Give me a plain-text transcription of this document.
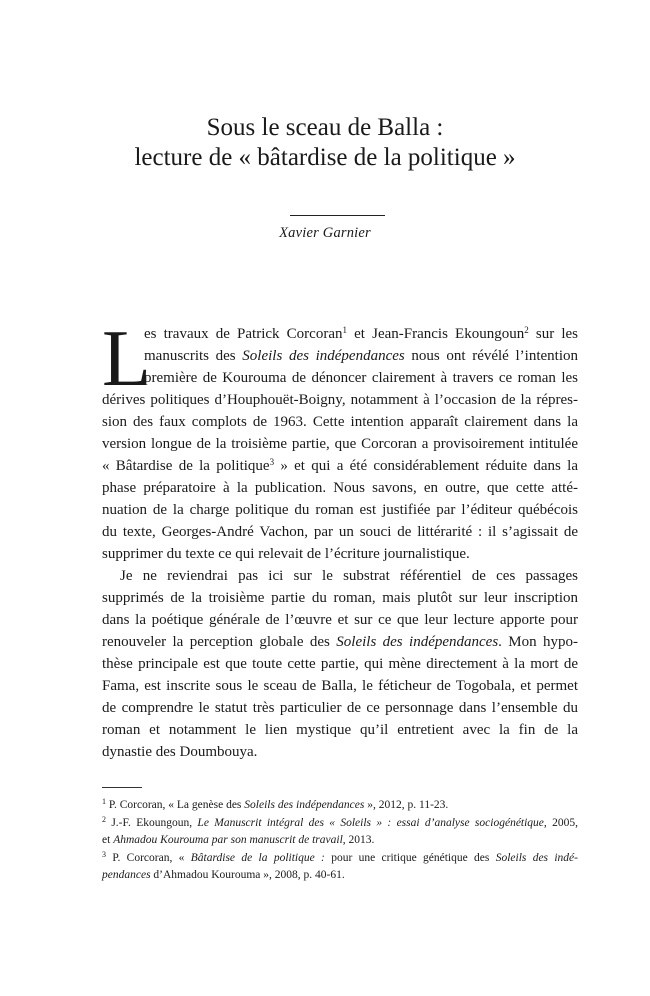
Sous le sceau de Balla :
lecture de « bâtardise de la politique »
Xavier Garnier
L
es travaux de Patrick Corcoran$^1$ et Jean-Francis Ekoungoun$^2$ sur les
manuscrits des Soleils des indépendances nous ont révélé l’intention
première de Kourouma de dénoncer clairement à travers ce roman les
dérives politiques d’Houphouët-Boigny, notamment à l’occasion de la répres-
sion des faux complots de 1963. Cette intention apparaît clairement dans la
version longue de la troisième partie, que Corcoran a provisoirement intitulée
« Bâtardise de la politique$^3$ » et qui a été considérablement réduite dans la
phase préparatoire à la publication. Nous savons, en outre, que cette atté-
nuation de la charge politique du roman est justifiée par l’éditeur québécois
du texte, Georges-André Vachon, par un souci de littérarité : il s’agissait de
supprimer du texte ce qui relevait de l’écriture journalistique.
Je ne reviendrai pas ici sur le substrat référentiel de ces passages
supprimés de la troisième partie du roman, mais plutôt sur leur inscription
dans la poétique générale de l’œuvre et sur ce que leur lecture apporte pour
renouveler la perception globale des Soleils des indépendances. Mon hypo-
thèse principale est que toute cette partie, qui mène directement à la mort de
Fama, est inscrite sous le sceau de Balla, le féticheur de Togobala, et permet
de comprendre le statut très particulier de ce personnage dans l’ensemble du
roman et notamment le lien mystique qu’il entretient avec la fin de la
dynastie des Doumbouya.
$^1$ P. Corcoran, « La genèse des Soleils des indépendances », 2012, p. 11-23.
$^2$ J.-F. Ekoungoun, Le Manuscrit intégral des « Soleils » : essai d’analyse sociogénétique, 2005,
et Ahmadou Kourouma par son manuscrit de travail, 2013.
$^3$ P. Corcoran, « Bâtardise de la politique : pour une critique génétique des Soleils des indé-
pendances d’Ahmadou Kourouma », 2008, p. 40-61.
